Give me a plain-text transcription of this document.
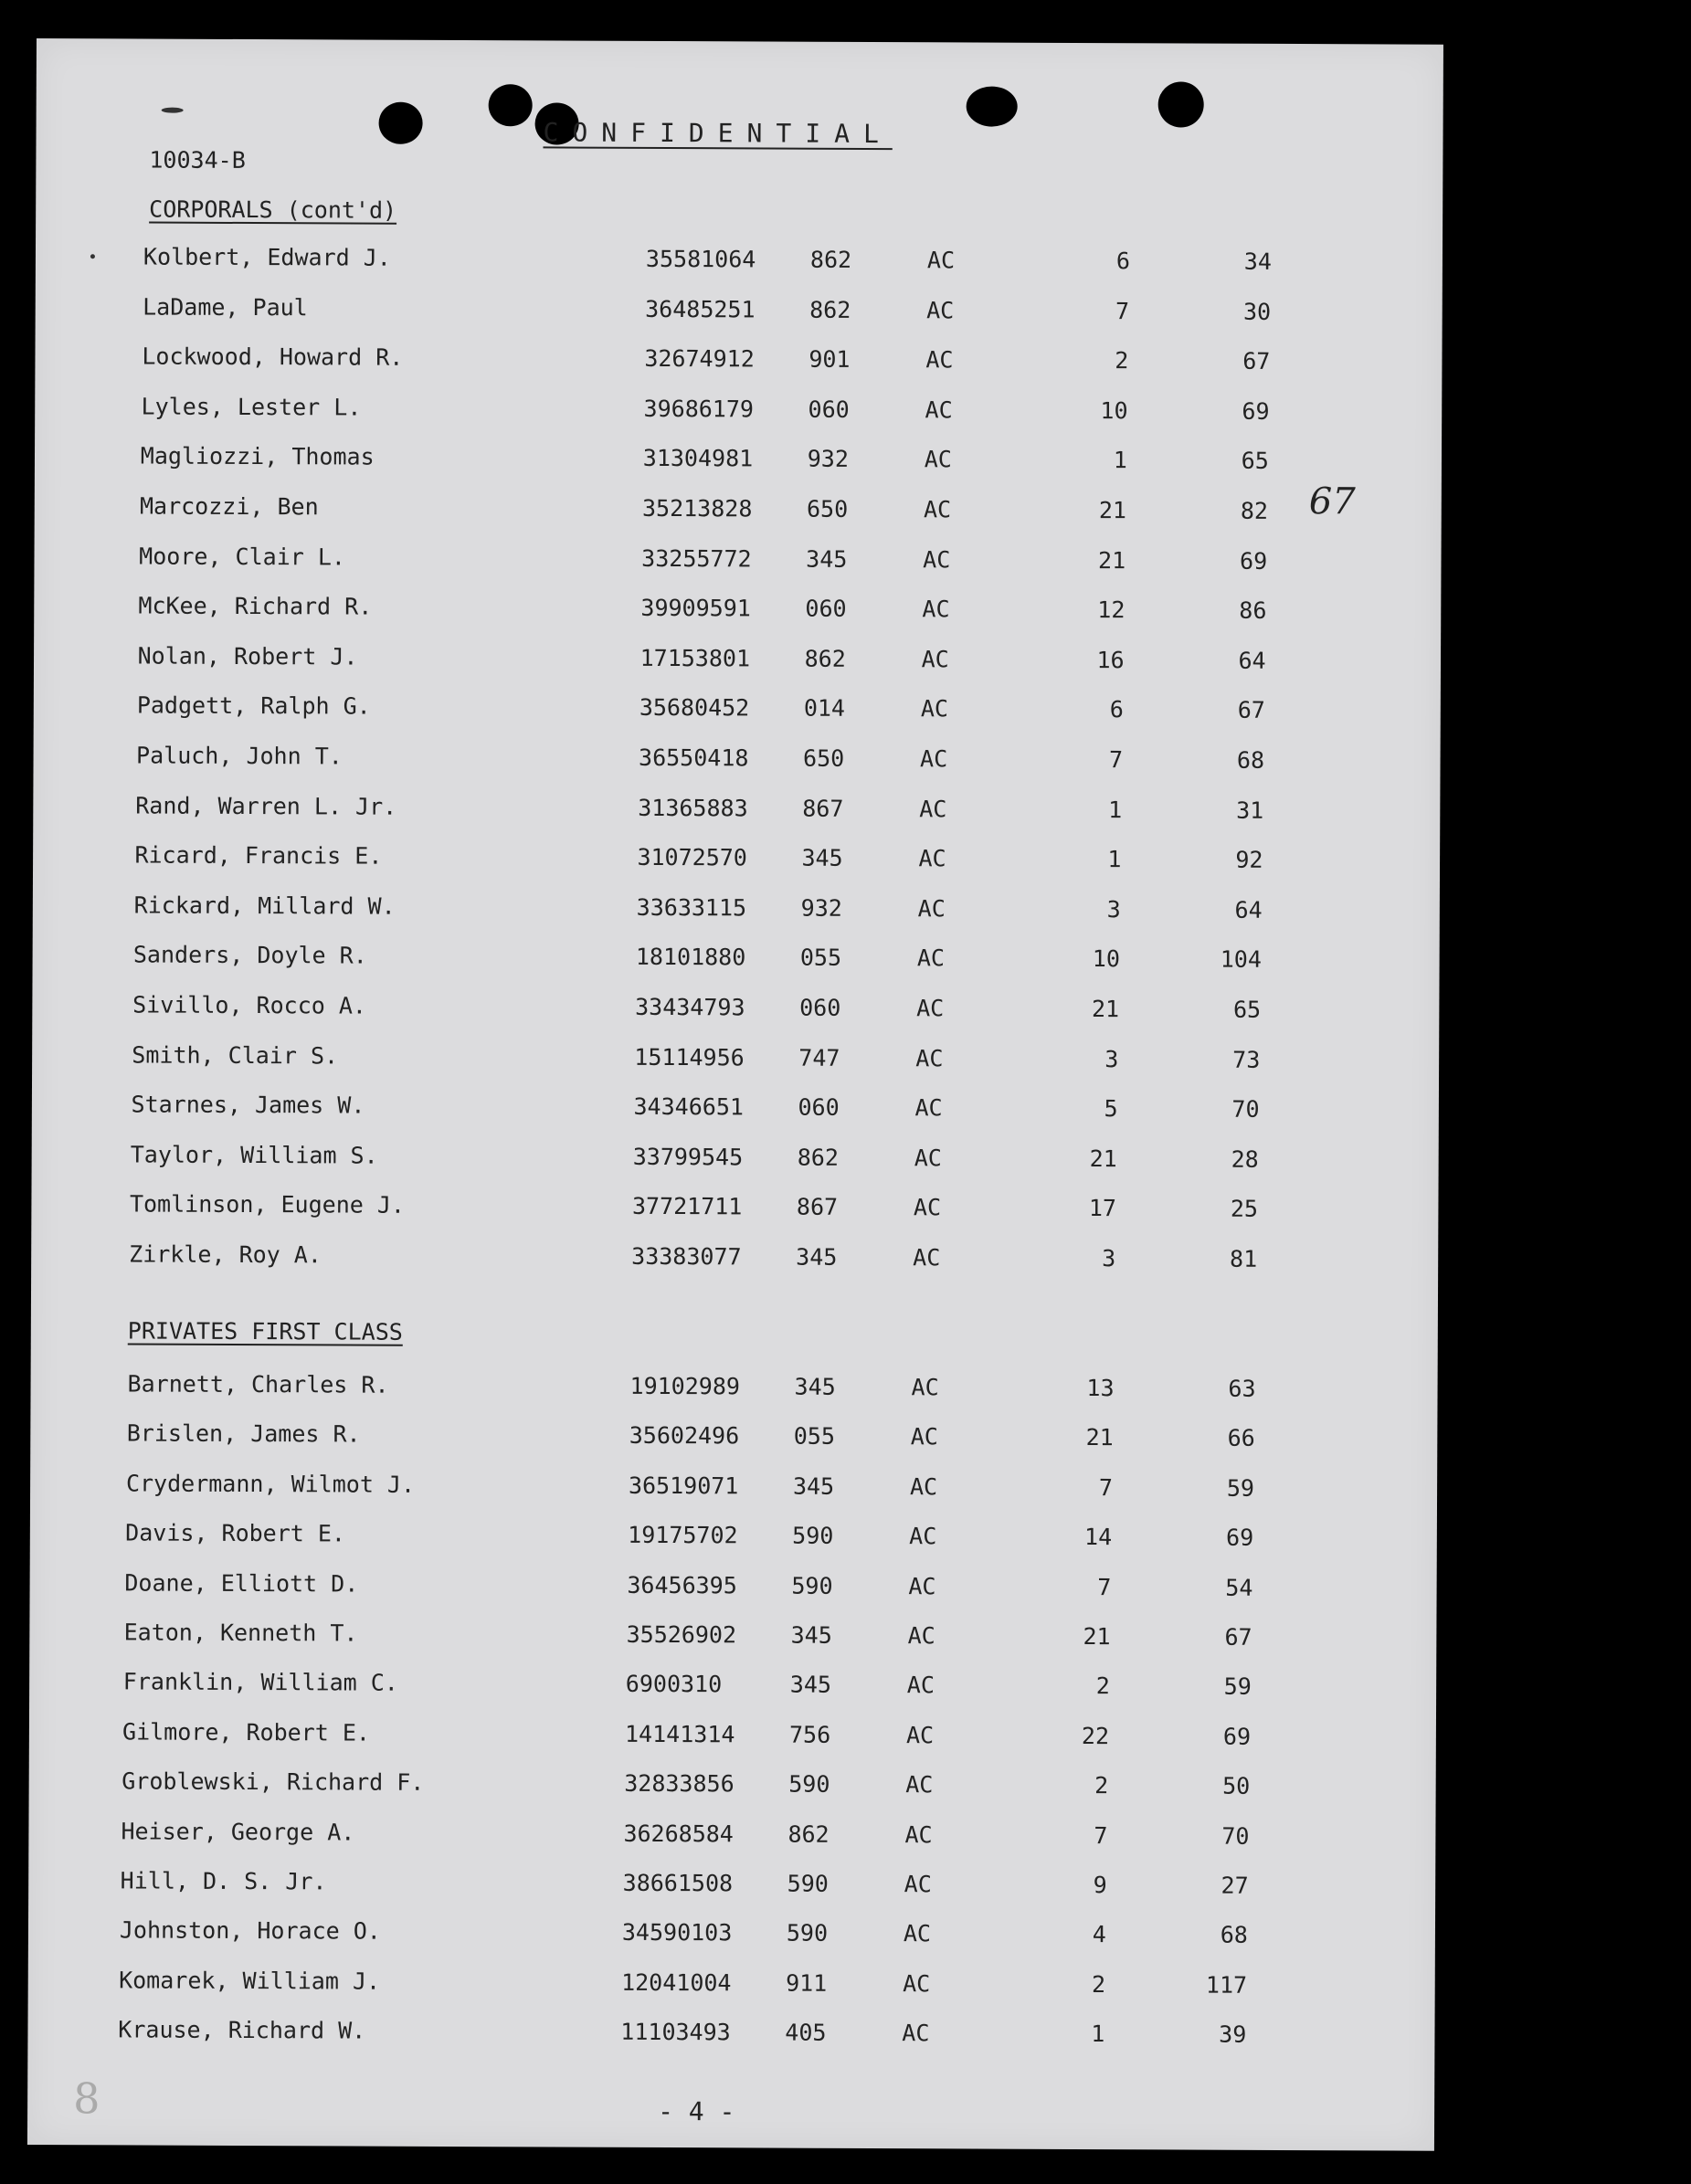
CONFIDENTIAL
10034-B
67
CORPORALS (cont'd)
Kolbert, Edward J.	35581064 862	AC	6	34
LaDame, Paul	36485251 862	AC	7	30
Lockwood, Howard R.	32674912 901	AC	2	67
Lyles, Lester L.	39686179 060	AC	10	69
Magliozzi, Thomas	31304981 932	AC	1	65
Marcozzi, Ben	35213828 650	AC	21	82
Moore, Clair L.	33255772 345	AC	21	69
McKee, Richard R.	39909591 060	AC	12	86
Nolan, Robert J.	17153801 862	AC	16	64
Padgett, Ralph G.	35680452 014	AC	6	67
Paluch, John T.	36550418 650	AC	7	68
Rand, Warren L. Jr.	31365883 867	AC	1	31
Ricard, Francis E.	31072570 345	AC	1	92
Rickard, Millard W.	33633115 932	AC	3	64
Sanders, Doyle R.	18101880 055	AC	10	104
Sivillo, Rocco A.	33434793 060	AC	21	65
Smith, Clair S.	15114956 747	AC	3	73
Starnes, James W.	34346651 060	AC	5	70
Taylor, William S.	33799545 862	AC	21	28
Tomlinson, Eugene J.	37721711 867	AC	17	25
Zirkle, Roy A.	33383077 345	AC	3	81
PRIVATES FIRST CLASS
Barnett, Charles R.	19102989 345	AC	13	63
Brislen, James R.	35602496 055	AC	21	66
Crydermann, Wilmot J.	36519071 345	AC	7	59
Davis, Robert E.	19175702 590	AC	14	69
Doane, Elliott D.	36456395 590	AC	7	54
Eaton, Kenneth T.	35526902 345	AC	21	67
Franklin, William C.	6900310	345	AC	2	59
Gilmore, Robert E.	14141314 756	AC	22	69
Groblewski, Richard F.	32833856 590	AC	2	50
Heiser, George A.	36268584 862	AC	7	70
Hill, D. S. Jr.	38661508 590	AC	9	27
Johnston, Horace O.	34590103 590	AC	4	68
Komarek, William J.	12041004 911	AC	2	117
Krause, Richard W.	11103493 405	AC	1	39
- 4 -
8
